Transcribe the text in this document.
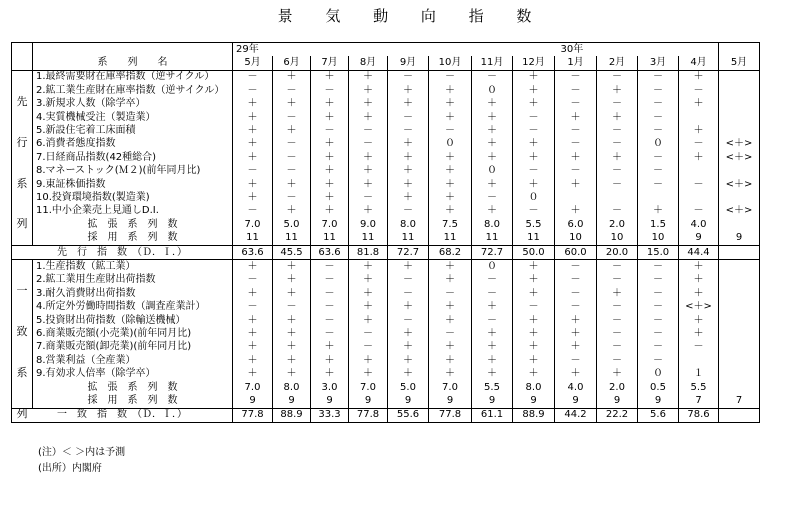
景 気 動 向 指 数
		29年			30年									
	系　　列　　名	5月	6月	7月	8月	9月	10月	11月	12月	1月	2月	3月	4月	5月

先
行
系
列	1.最終需要財在庫率指数（逆サイクル）	－	＋	＋	＋	－	－	－	＋	－	－	－	＋	
	2.鉱工業生産財在庫率指数（逆サイクル）	－	－	－	＋	＋	＋	０	＋	－	＋	－	－	
	3.新規求人数（除学卒）	＋	＋	＋	＋	＋	＋	＋	＋	－	－	－	＋	
	4.実質機械受注（製造業）	＋	－	＋	＋	－	＋	＋	－	＋	＋	－		
	5.新設住宅着工床面積	＋	＋	－	－	－	－	＋	－	－	－	－	＋	
	6.消費者態度指数	＋	－	＋	－	＋	０	＋	＋	－	－	０	－	<＋>
	7.日経商品指数(42種総合)	＋	－	＋	＋	＋	＋	＋	＋	＋	＋	－	＋	<＋>
	8.マネーストック(Ｍ２)(前年同月比)	－	－	＋	＋	＋	＋	０	－	－	－	－		
	9.東証株価指数	＋	＋	＋	＋	＋	＋	＋	＋	＋	－	－	－	<＋>
	10.投資環境指数(製造業)	＋	－	＋	－	＋	＋	－	０					
	11.中小企業売上見通しD.I.	－	＋	＋	＋	－	＋	＋	－	＋	－	＋	－	<＋>
	拡　張　系　列　数	7.0	5.0	7.0	9.0	8.0	7.5	8.0	5.5	6.0	2.0	1.5	4.0	
	採　用　系　列　数	11	11	11	11	11	11	11	11	10	10	10	9	9
先　行　指　数　（Ｄ．Ｉ．）		63.6	45.5	63.6	81.8	72.7	68.2	72.7	50.0	60.0	20.0	15.0	44.4	

一
致
系
列	1.生産指数（鉱工業）	＋	＋	－	＋	＋	＋	０	＋	－	－	－	＋	
	2.鉱工業用生産財出荷指数	－	＋	－	＋	－	＋	－	＋	－	－	－	＋	
	3.耐久消費財出荷指数	＋	＋	－	＋	－	－	－	＋	－	＋	－	＋	
	4.所定外労働時間指数（調査産業計）	－	－	－	＋	＋	＋	＋	－	－	－	－	<＋>	
	5.投資財出荷指数（除輸送機械）	＋	＋	－	＋	－	＋	－	＋	＋	－	－	＋	
	6.商業販売額(小売業)(前年同月比)	＋	＋	－	－	＋	－	＋	＋	＋	－	－	＋	
	7.商業販売額(卸売業)(前年同月比)	＋	＋	＋	－	＋	＋	＋	＋	＋	－	－	－	
	8.営業利益（全産業）	＋	＋	＋	＋	＋	＋	＋	＋	－	－	－		
	9.有効求人倍率（除学卒）	＋	＋	＋	＋	＋	＋	＋	＋	＋	＋	０	１	
	拡　張　系　列　数	7.0	8.0	3.0	7.0	5.0	7.0	5.5	8.0	4.0	2.0	0.5	5.5	
	採　用　系　列　数	9	9	9	9	9	9	9	9	9	9	9	7	7
一　致　指　数　（Ｄ．Ｉ．）		77.8	88.9	33.3	77.8	55.6	77.8	61.1	88.9	44.2	22.2	5.6	78.6	
(注）＜ ＞内は予測
(出所）内閣府
